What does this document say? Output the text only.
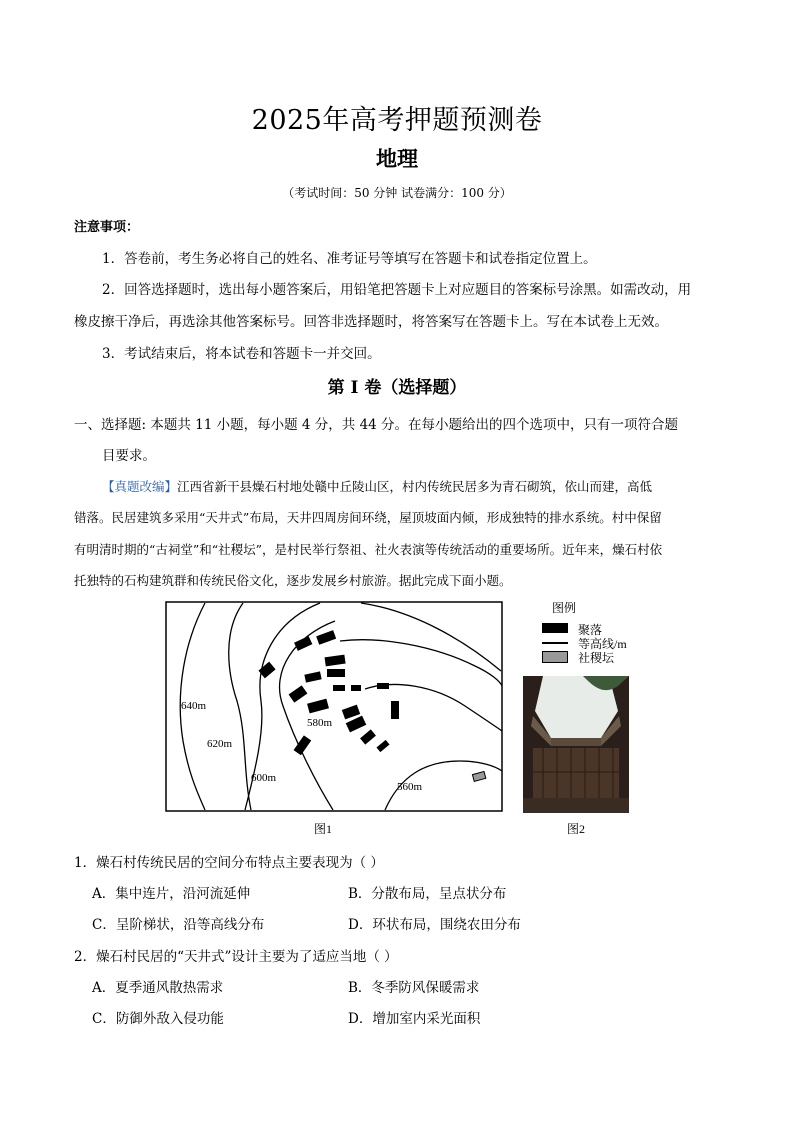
2025年高考押题预测卷
地理
（考试时间：50 分钟 试卷满分：100 分）
注意事项：
1．答卷前，考生务必将自己的姓名、准考证号等填写在答题卡和试卷指定位置上。
2．回答选择题时，选出每小题答案后，用铅笔把答题卡上对应题目的答案标号涂黑。如需改动，用
橡皮擦干净后，再选涂其他答案标号。回答非选择题时，将答案写在答题卡上。写在本试卷上无效。
3．考试结束后，将本试卷和答题卡一并交回。
第 I 卷（选择题）
一、选择题: 本题共 11 小题，每小题 4 分，共 44 分。在每小题给出的四个选项中，只有一项符合题
目要求。
【真题改编】江西省新干县燥石村地处赣中丘陵山区，村内传统民居多为青石砌筑，依山而建，高低
错落。民居建筑多采用“天井式”布局，天井四周房间环绕，屋顶坡面内倾，形成独特的排水系统。村中保留
有明清时期的“古祠堂”和“社稷坛”，是村民举行祭祖、社火表演等传统活动的重要场所。近年来，燥石村依
托独特的石构建筑群和传统民俗文化，逐步发展乡村旅游。据此完成下面小题。
640m
620m
600m
580m
560m
图1
图例
聚落
等高线/m
社稷坛
图2
1．燥石村传统民居的空间分布特点主要表现为（ ）
A．集中连片，沿河流延伸	B．分散布局，呈点状分布
C．呈阶梯状，沿等高线分布	D．环状布局，围绕农田分布
2．燥石村民居的“天井式”设计主要为了适应当地（ ）
A．夏季通风散热需求	B．冬季防风保暖需求
C．防御外敌入侵功能	D．增加室内采光面积
